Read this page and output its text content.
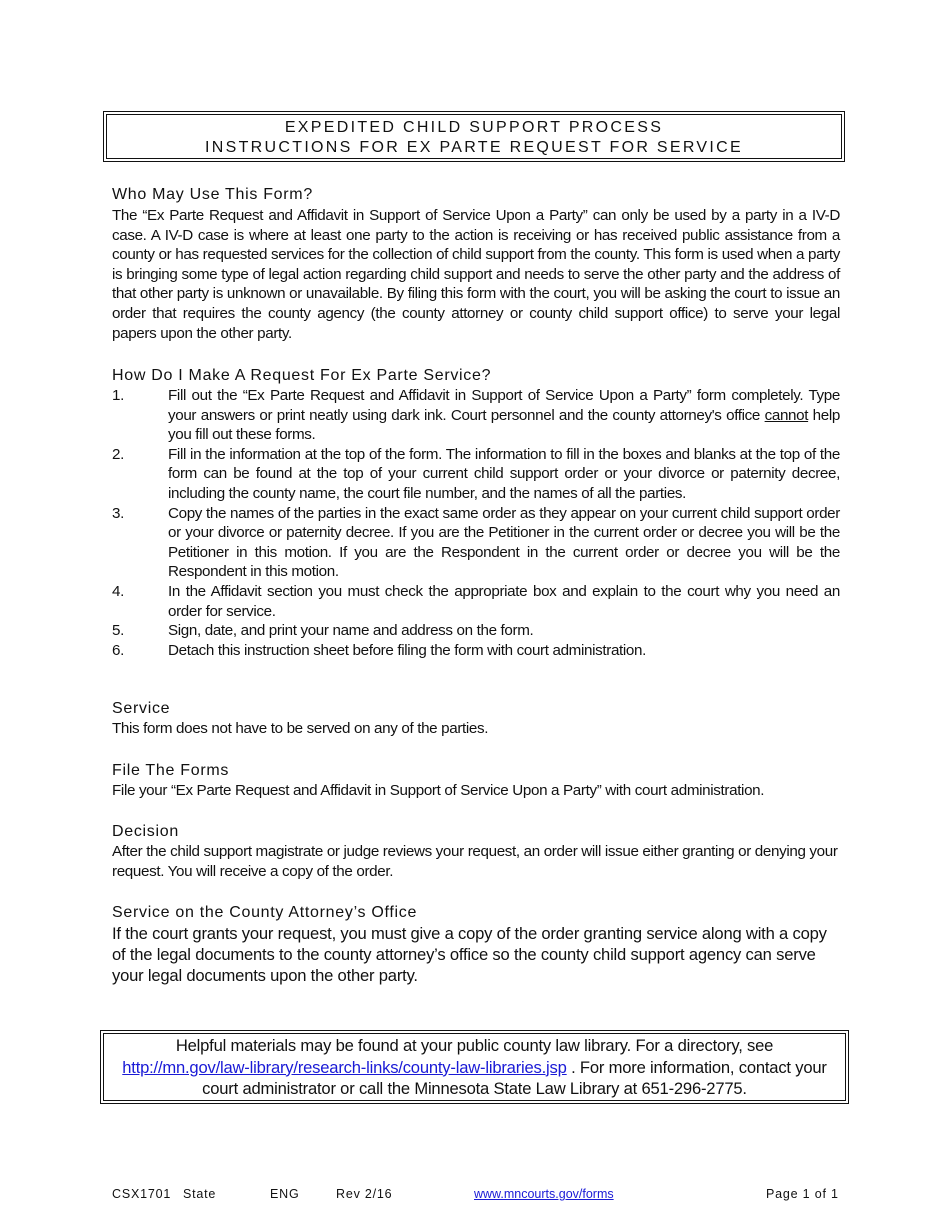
EXPEDITED CHILD SUPPORT PROCESS
INSTRUCTIONS FOR EX PARTE REQUEST FOR SERVICE
Who May Use This Form?
The “Ex Parte Request and Affidavit in Support of Service Upon a Party” can only be used by a party in a IV-D case. A IV-D case is where at least one party to the action is receiving or has received public assistance from a county or has requested services for the collection of child support from the county. This form is used when a party is bringing some type of legal action regarding child support and needs to serve the other party and the address of that other party is unknown or unavailable. By filing this form with the court, you will be asking the court to issue an order that requires the county agency (the county attorney or county child support office) to serve your legal papers upon the other party.
How Do I Make A Request For Ex Parte Service?
1.	Fill out the “Ex Parte Request and Affidavit in Support of Service Upon a Party” form completely. Type your answers or print neatly using dark ink. Court personnel and the county attorney's office cannot help you fill out these forms.
2.	Fill in the information at the top of the form. The information to fill in the boxes and blanks at the top of the form can be found at the top of your current child support order or your divorce or paternity decree, including the county name, the court file number, and the names of all the parties.
3.	Copy the names of the parties in the exact same order as they appear on your current child support order or your divorce or paternity decree. If you are the Petitioner in the current order or decree you will be the Petitioner in this motion. If you are the Respondent in the current order or decree you will be the Respondent in this motion.
4.	In the Affidavit section you must check the appropriate box and explain to the court why you need an order for service.
5.	Sign, date, and print your name and address on the form.
6.	Detach this instruction sheet before filing the form with court administration.
Service
This form does not have to be served on any of the parties.
File The Forms
File your “Ex Parte Request and Affidavit in Support of Service Upon a Party” with court administration.
Decision
After the child support magistrate or judge reviews your request, an order will issue either granting or denying your request. You will receive a copy of the order.
Service on the County Attorney’s Office
If the court grants your request, you must give a copy of the order granting service along with a copy of the legal documents to the county attorney’s office so the county child support agency can serve your legal documents upon the other party.
Helpful materials may be found at your public county law library. For a directory, see http://mn.gov/law-library/research-links/county-law-libraries.jsp . For more information, contact your court administrator or call the Minnesota State Law Library at 651-296-2775.
CSX1701 State	ENG	Rev 2/16	www.mncourts.gov/forms	Page 1 of 1
